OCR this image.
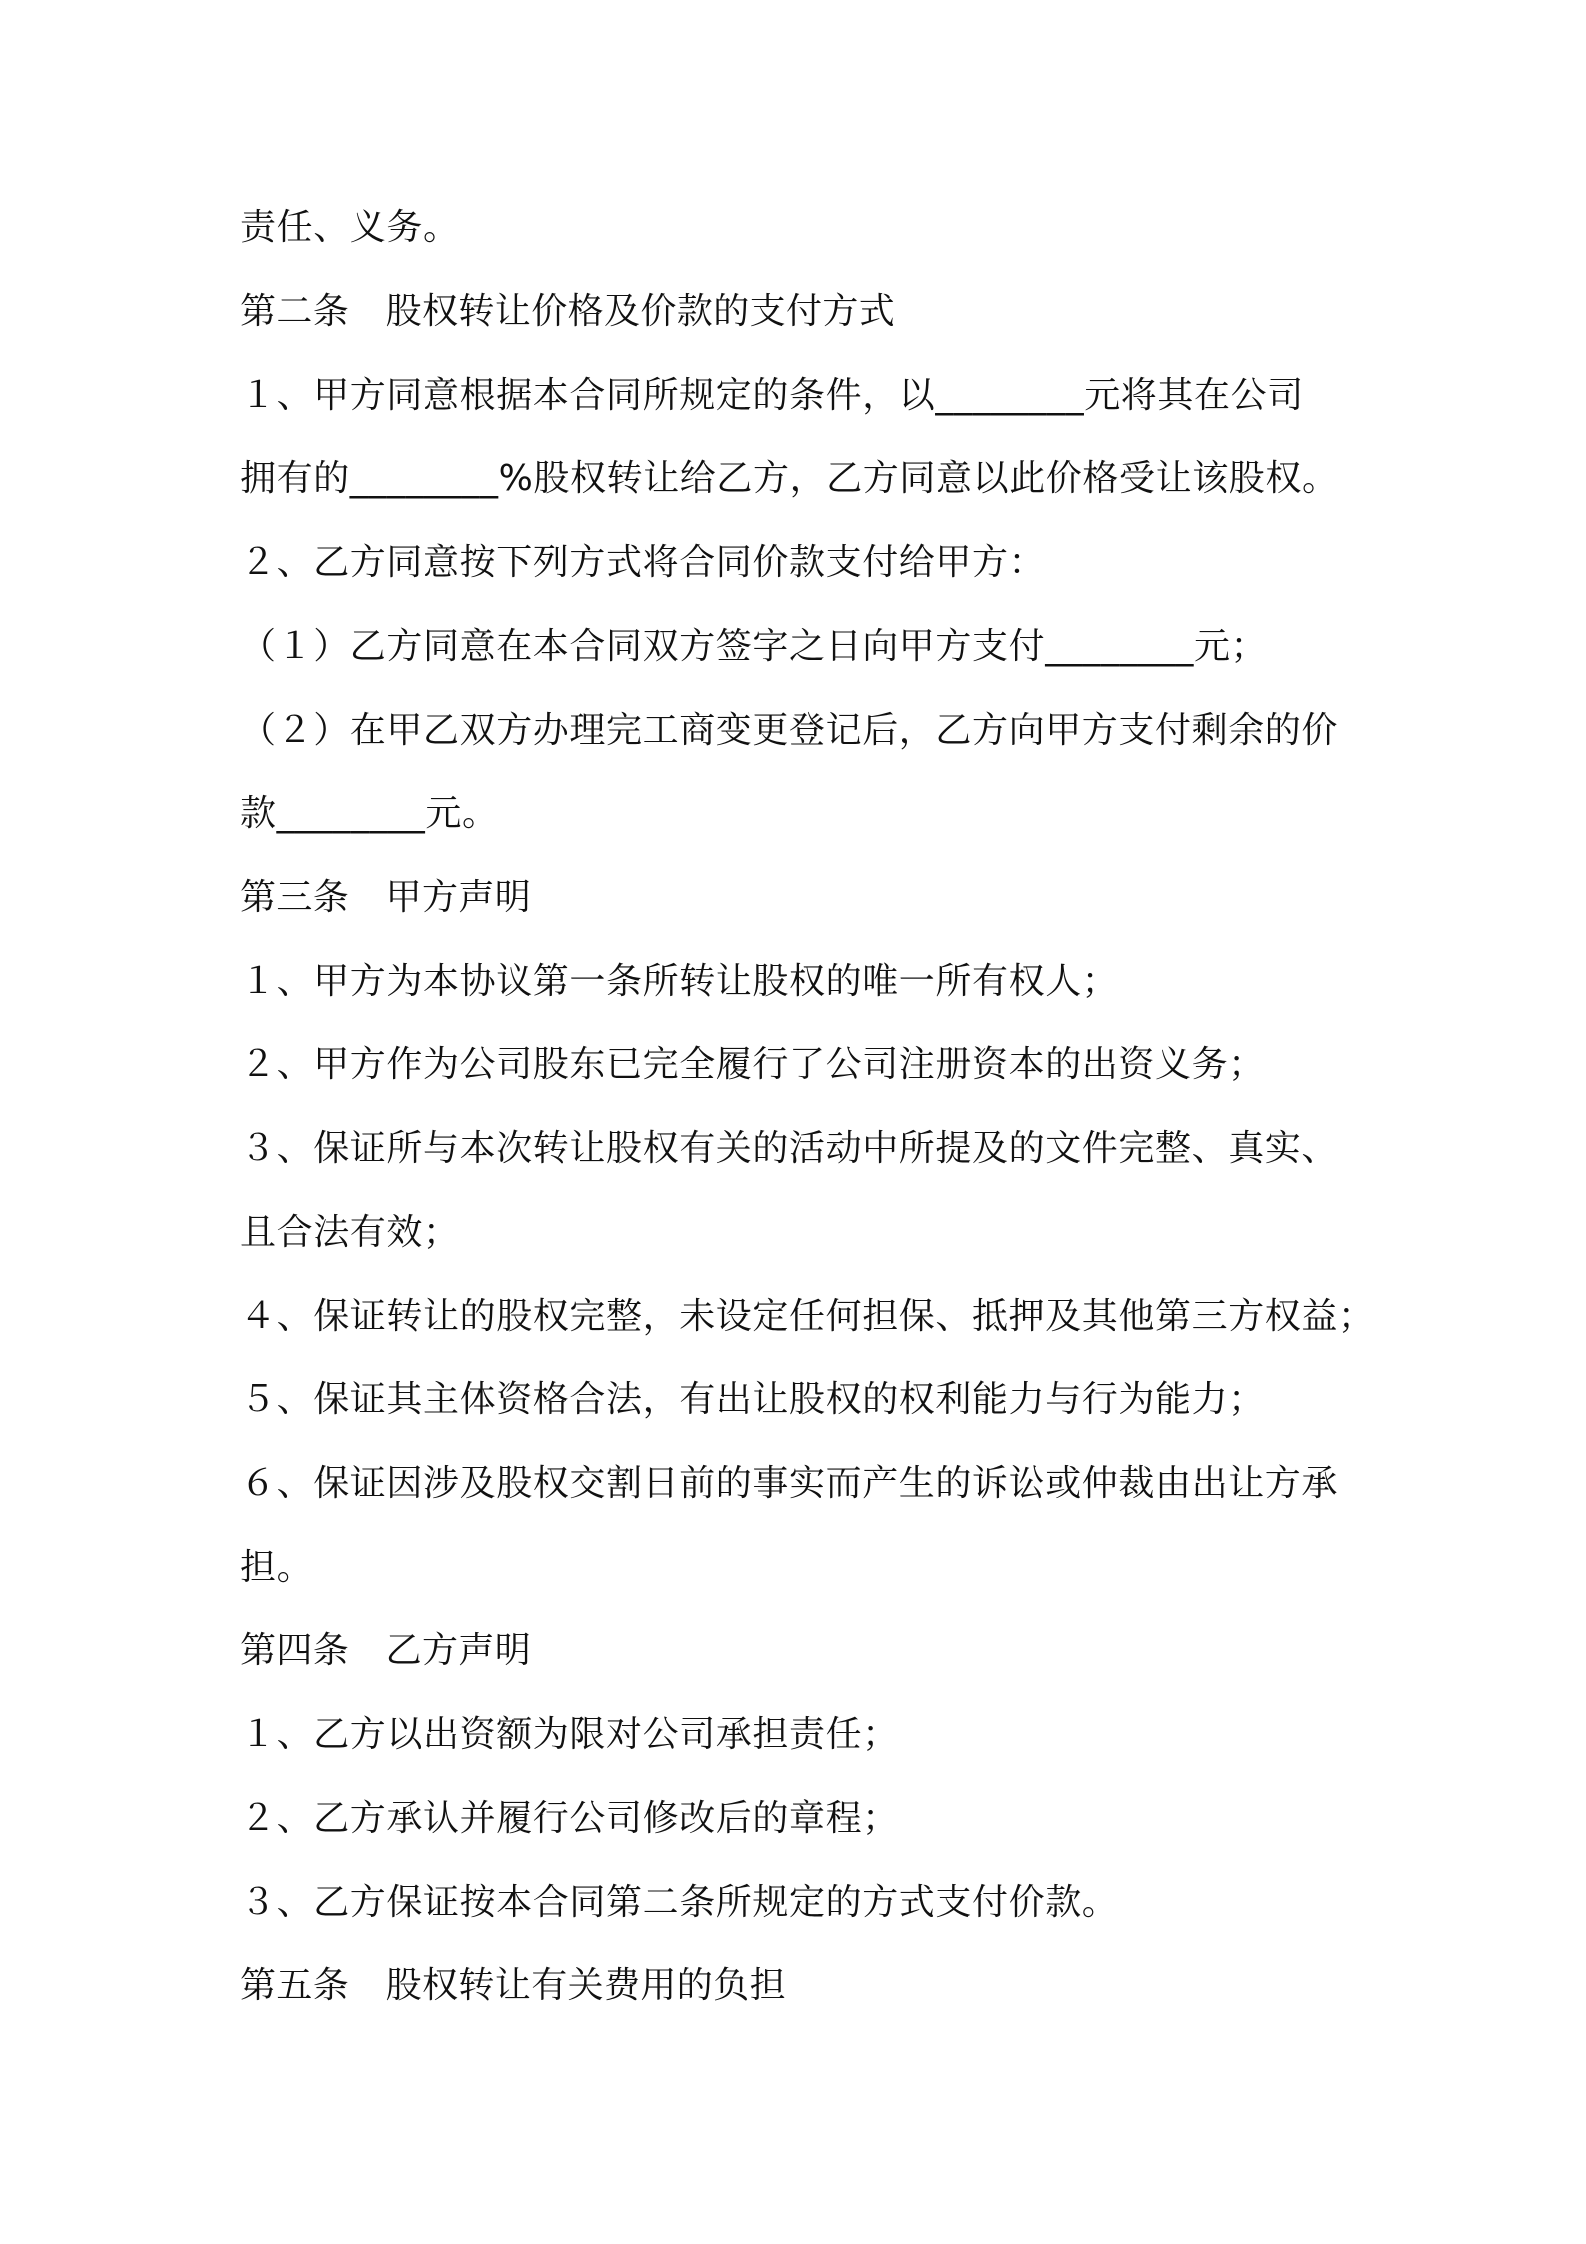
责任、义务。

第二条　股权转让价格及价款的支付方式

１、甲方同意根据本合同所规定的条件，以________元将其在公司

拥有的________%股权转让给乙方，乙方同意以此价格受让该股权。

２、乙方同意按下列方式将合同价款支付给甲方：

（１）乙方同意在本合同双方签字之日向甲方支付________元；

（２）在甲乙双方办理完工商变更登记后，乙方向甲方支付剩余的价

款________元。

第三条　甲方声明

１、甲方为本协议第一条所转让股权的唯一所有权人；

２、甲方作为公司股东已完全履行了公司注册资本的出资义务；

３、保证所与本次转让股权有关的活动中所提及的文件完整、真实、

且合法有效；

４、保证转让的股权完整，未设定任何担保、抵押及其他第三方权益；

５、保证其主体资格合法，有出让股权的权利能力与行为能力；

６、保证因涉及股权交割日前的事实而产生的诉讼或仲裁由出让方承

担。

第四条　乙方声明

１、乙方以出资额为限对公司承担责任；

２、乙方承认并履行公司修改后的章程；

３、乙方保证按本合同第二条所规定的方式支付价款。

第五条　股权转让有关费用的负担
